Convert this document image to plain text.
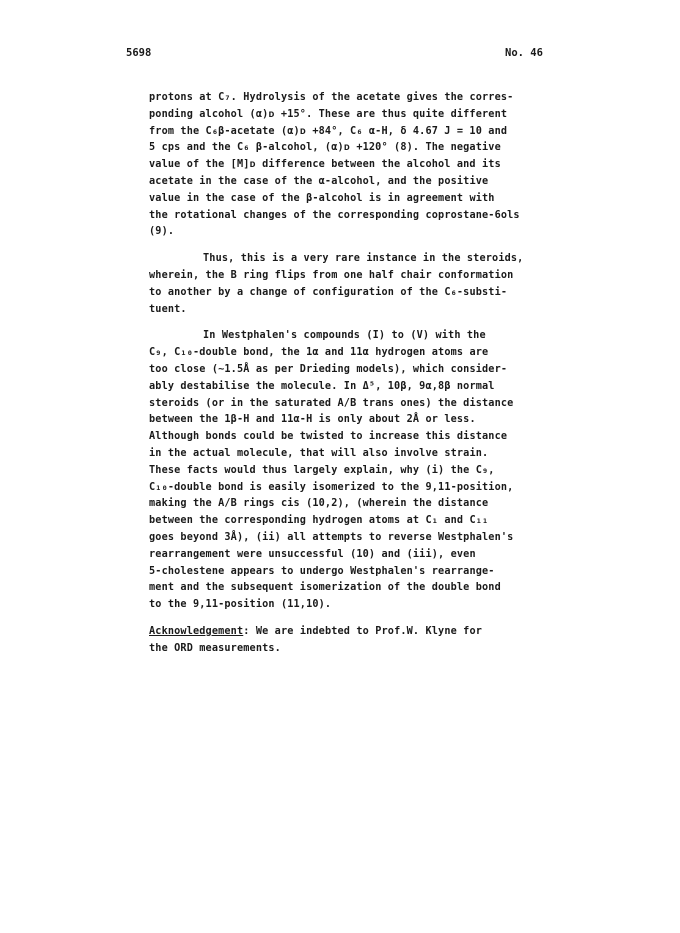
5698	No. 46
protons at C₇. Hydrolysis of the acetate gives the corres-
ponding alcohol (α)ᴅ +15°. These are thus quite different
from the C₆β-acetate (α)ᴅ +84°, C₆ α-H, δ 4.67 J = 10 and
5 cps and the C₆ β-alcohol, (α)ᴅ +120° (8). The negative
value of the [M]ᴅ difference between the alcohol and its
acetate in the case of the α-alcohol, and the positive
value in the case of the β-alcohol is in agreement with
the rotational changes of the corresponding coprostane-6ols
(9).
Thus, this is a very rare instance in the steroids,
wherein, the B ring flips from one half chair conformation
to another by a change of configuration of the C₆-substi-
tuent.
In Westphalen's compounds (I) to (V) with the
C₉, C₁₀-double bond, the 1α and 11α hydrogen atoms are
too close (∼1.5Å as per Drieding models), which consider-
ably destabilise the molecule. In Δ⁵, 10β, 9α,8β normal
steroids (or in the saturated A/B trans ones) the distance
between the 1β-H and 11α-H is only about 2Å or less.
Although bonds could be twisted to increase this distance
in the actual molecule, that will also involve strain.
These facts would thus largely explain, why (i) the C₉,
C₁₀-double bond is easily isomerized to the 9,11-position,
making the A/B rings cis (10,2), (wherein the distance
between the corresponding hydrogen atoms at C₁ and C₁₁
goes beyond 3Å), (ii) all attempts to reverse Westphalen's
rearrangement were unsuccessful (10) and (iii), even
5-cholestene appears to undergo Westphalen's rearrange-
ment and the subsequent isomerization of the double bond
to the 9,11-position (11,10).
Acknowledgement: We are indebted to Prof.W. Klyne for
the ORD measurements.
